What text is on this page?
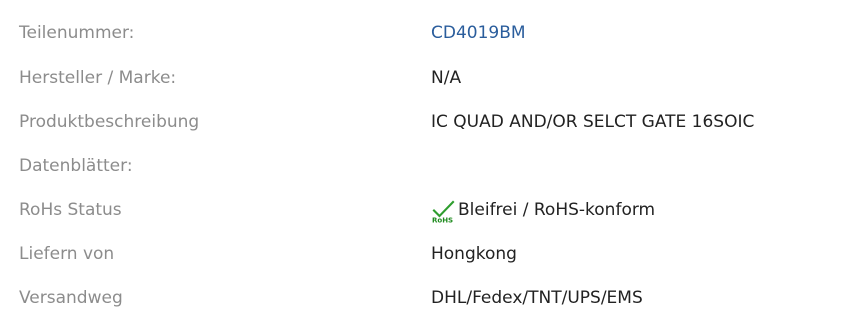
Teilenummer:	CD4019BM
Hersteller / Marke:	N/A
Produktbeschreibung	IC QUAD AND/OR SELCT GATE 16SOIC
Datenblätter:
RoHs Status	RoHS Bleifrei / RoHS-konform
Liefern von	Hongkong
Versandweg	DHL/Fedex/TNT/UPS/EMS
